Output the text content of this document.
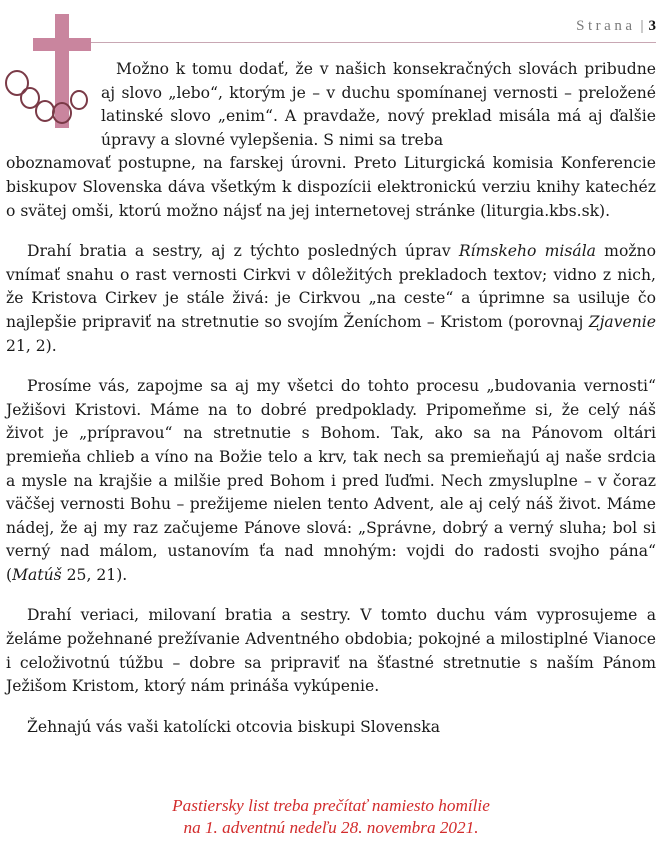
Strana | 3

Možno k tomu dodať, že v našich konsekračných slovách pribudne aj slovo „lebo“, ktorým je – v duchu spomínanej vernosti – preložené latinské slovo „enim“. A pravdaže, nový preklad misála má aj ďalšie úpravy a slovné vylepšenia. S nimi sa treba

oboznamovať postupne, na farskej úrovni. Preto Liturgická komisia Konferencie biskupov Slovenska dáva všetkým k dispozícii elektronickú verziu knihy katechéz o svätej omši, ktorú možno nájsť na jej internetovej stránke (liturgia.kbs.sk).

Drahí bratia a sestry, aj z týchto posledných úprav Rímskeho misála možno vnímať snahu o rast vernosti Cirkvi v dôležitých prekladoch textov; vidno z nich, že Kristova Cirkev je stále živá: je Cirkvou „na ceste“ a úprimne sa usiluje čo najlepšie pripraviť na stretnutie so svojím Ženíchom – Kristom (porovnaj Zjavenie 21, 2).

Prosíme vás, zapojme sa aj my všetci do tohto procesu „budovania vernosti“ Ježišovi Kristovi. Máme na to dobré predpoklady. Pripomeňme si, že celý náš život je „prípravou“ na stretnutie s Bohom. Tak, ako sa na Pánovom oltári premieňa chlieb a víno na Božie telo a krv, tak nech sa premieňajú aj naše srdcia a mysle na krajšie a milšie pred Bohom i pred ľuďmi. Nech zmysluplne – v čoraz väčšej vernosti Bohu – prežijeme nielen tento Advent, ale aj celý náš život. Máme nádej, že aj my raz začujeme Pánove slová: „Správne, dobrý a verný sluha; bol si verný nad málom, ustanovím ťa nad mnohým: vojdi do radosti svojho pána“ (Matúš 25, 21).

Drahí veriaci, milovaní bratia a sestry. V tomto duchu vám vyprosujeme a želáme požehnané prežívanie Adventného obdobia; pokojné a milostiplné Vianoce i celoživotnú túžbu – dobre sa pripraviť na šťastné stretnutie s naším Pánom Ježišom Kristom, ktorý nám prináša vykúpenie.

Žehnajú vás vaši katolícki otcovia biskupi Slovenska

Pastiersky list treba prečítať namiesto homílie
na 1. adventnú nedeľu 28. novembra 2021.
